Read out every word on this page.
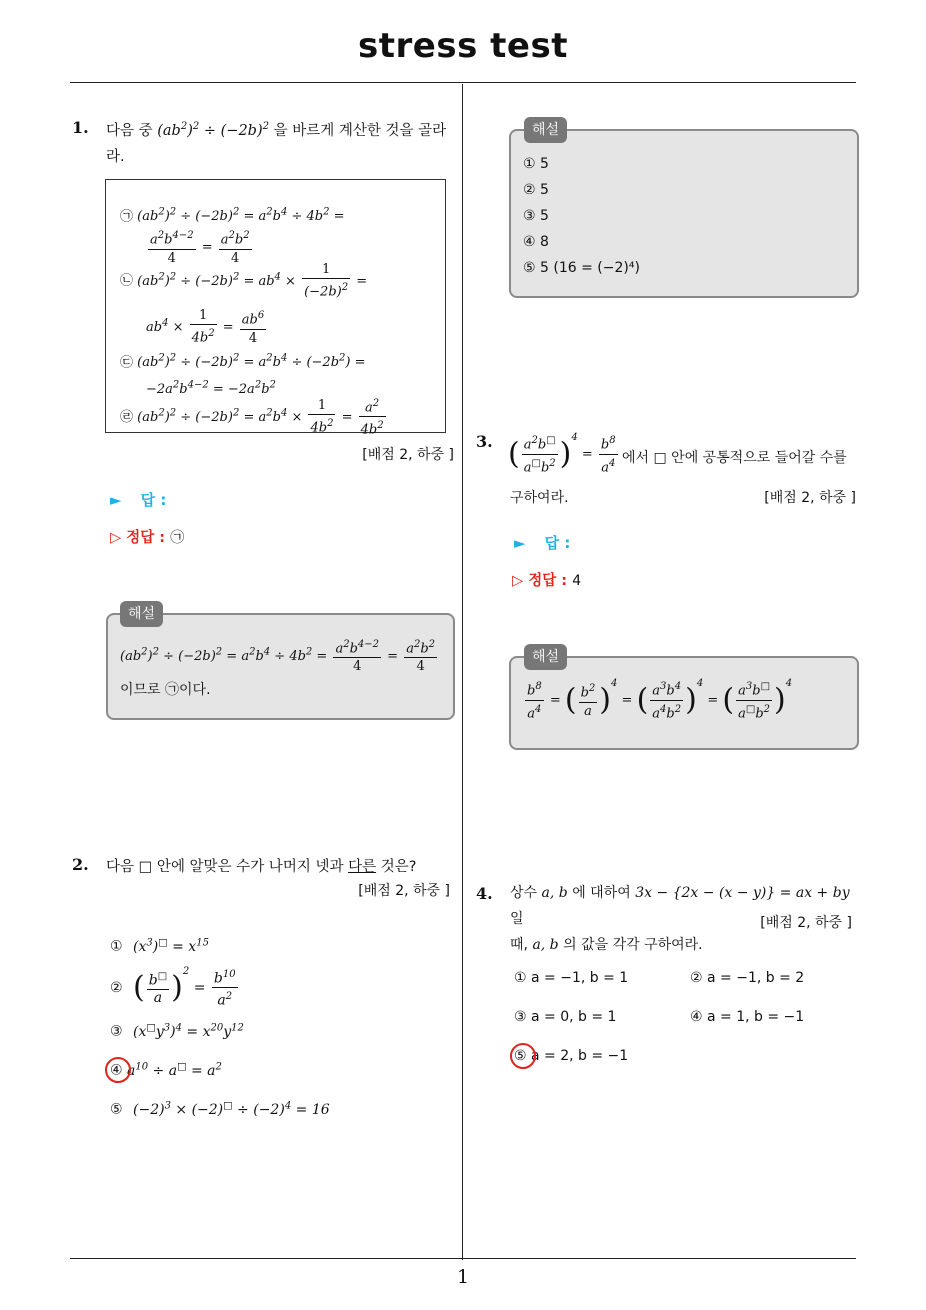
stress test
1. 다음 중 $(ab^2)^2 \div (-2b)^2$ 을 바르게 계산한 것을 골라
라.
㉠ $(ab^2)^2 \div (-2b)^2 = a^2b^4 \div 4b^2$ =

$\frac{a^2b^{4-2}}{4} = \frac{a^2b^2}{4}$
㉡ $(ab^2)^2 \div (-2b)^2 = ab^4 \times \frac{1}{(-2b)^2}$ =
$ab^4 \times \frac{1}{4b^2} = \frac{ab^6}{4}$
㉢ $(ab^2)^2 \div (-2b)^2 = a^2b^4 \div (-2b^2)$ =
$-2a^2b^{4-2} = -2a^2b^2$
㉣ $(ab^2)^2 \div (-2b)^2 = a^2b^4 \times \frac{1}{4b^2} = \frac{a^2}{4b^2}$
[배점 2, 하중 ]
► 답 :
▷ 정답 : ㉠
$(ab^2)^2 \div (-2b)^2 = a^2b^4 \div 4b^2 = \frac{a^2b^{4-2}}{4} = \frac{a^2b^2}{4}$
이므로 ㉠이다.
해설
2. 다음 □ 안에 알맞은 수가 나머지 넷과 다른 것은?
[배점 2, 하중 ]
① $(x^3)^□ = x^{15}$
② ( $\frac{b^□}{a} )^2 = \frac{b^{10}}{a^2}$
③ $(x^□y^3)^4 = x^{20}y^{12}$
④ $a^{10} \div a^□ = a^2$
⑤ $(-2)^3 \times (-2)^□ \div (-2)^4 = 16$
① 5
② 5
③ 5
④ 8
⑤ 5 (16 = (−2)⁴)
해설
3. ( $\frac{a^2b^□}{a^□b^2} )^4 = \frac{b^8}{a^4}$ 에서 □ 안에 공통적으로 들어갈 수를
구하여라.	[배점 2, 하중 ]
► 답 :
▷ 정답 : 4
$\frac{b^8}{a^4}$ = ( $\frac{b^2}{a} )^4$ = ( $\frac{a^3b^4}{a^4b^2} )^4$ = ( $\frac{a^3b^□}{a^□b^2} )^4$
해설
4. 상수 a, b 에 대하여 3x − {2x − (x − y)} = ax + by 일
때, a, b 의 값을 각각 구하여라.
[배점 2, 하중 ]
① a = −1, b = 1	② a = −1, b = 2
③ a = 0, b = 1	④ a = 1, b = −1
⑤ a = 2, b = −1
1
